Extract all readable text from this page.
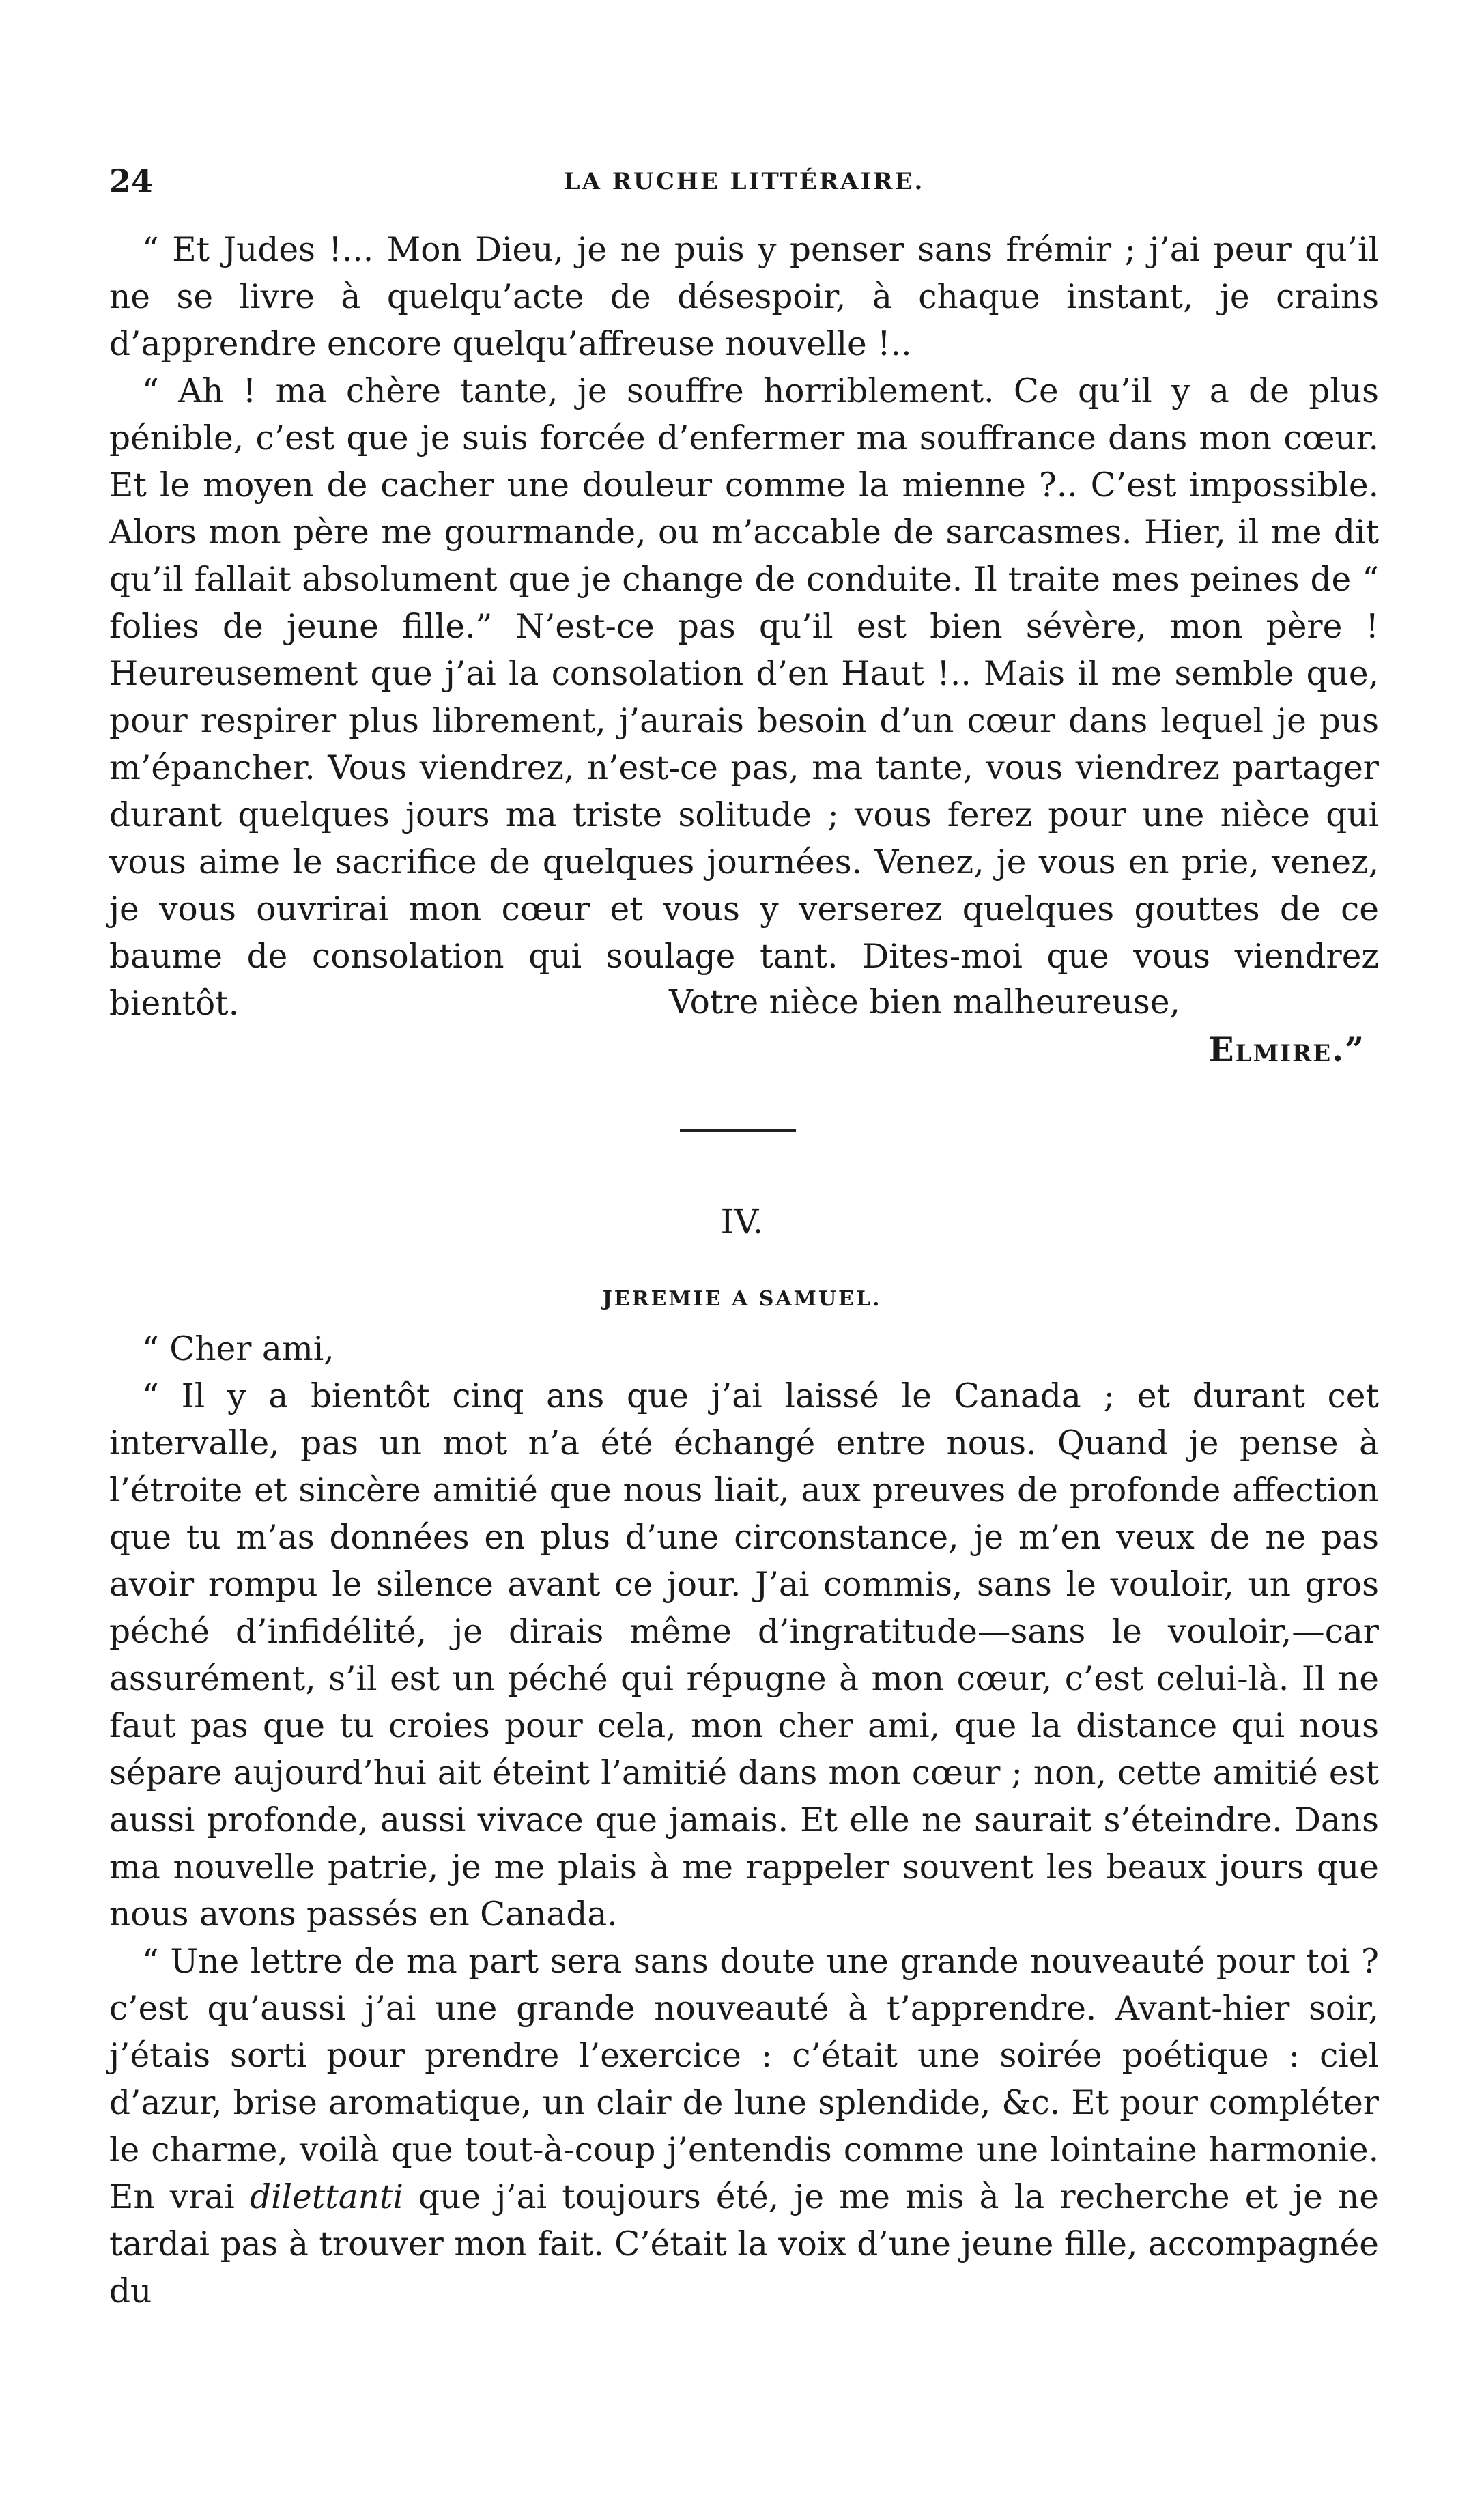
24	LA RUCHE LITTÉRAIRE.

“ Et Judes !... Mon Dieu, je ne puis y penser sans frémir ; j’ai peur qu’il ne se livre à quelqu’acte de désespoir, à chaque instant, je crains d’apprendre encore quelqu’affreuse nouvelle !..

“ Ah ! ma chère tante, je souffre horriblement. Ce qu’il y a de plus pénible, c’est que je suis forcée d’enfermer ma souffrance dans mon cœur. Et le moyen de cacher une douleur comme la mienne ?.. C’est impossible. Alors mon père me gourmande, ou m’accable de sarcasmes. Hier, il me dit qu’il fallait absolument que je change de conduite. Il traite mes peines de “ folies de jeune fille.” N’est-ce pas qu’il est bien sévère, mon père ! Heureusement que j’ai la consolation d’en Haut !.. Mais il me semble que, pour respirer plus librement, j’aurais besoin d’un cœur dans lequel je pus m’épancher. Vous viendrez, n’est-ce pas, ma tante, vous viendrez partager durant quelques jours ma triste solitude ; vous ferez pour une nièce qui vous aime le sacrifice de quelques journées. Venez, je vous en prie, venez, je vous ouvrirai mon cœur et vous y verserez quelques gouttes de ce baume de consolation qui soulage tant. Dites-moi que vous viendrez bientôt.	Votre nièce bien malheureuse,
Elmire.”
IV.
JEREMIE A SAMUEL.

“ Cher ami,

“ Il y a bientôt cinq ans que j’ai laissé le Canada ; et durant cet intervalle, pas un mot n’a été échangé entre nous. Quand je pense à l’étroite et sincère amitié que nous liait, aux preuves de profonde affection que tu m’as données en plus d’une circonstance, je m’en veux de ne pas avoir rompu le silence avant ce jour. J’ai commis, sans le vouloir, un gros péché d’infidélité, je dirais même d’ingratitude—sans le vouloir,—car assurément, s’il est un péché qui répugne à mon cœur, c’est celui-là. Il ne faut pas que tu croies pour cela, mon cher ami, que la distance qui nous sépare aujourd’hui ait éteint l’amitié dans mon cœur ; non, cette amitié est aussi profonde, aussi vivace que jamais. Et elle ne saurait s’éteindre. Dans ma nouvelle patrie, je me plais à me rappeler souvent les beaux jours que nous avons passés en Canada.

“ Une lettre de ma part sera sans doute une grande nouveauté pour toi ? c’est qu’aussi j’ai une grande nouveauté à t’apprendre. Avant-hier soir, j’étais sorti pour prendre l’exercice : c’était une soirée poétique : ciel d’azur, brise aromatique, un clair de lune splendide, &c. Et pour compléter le charme, voilà que tout-à-coup j’entendis comme une lointaine harmonie. En vrai dilettanti que j’ai toujours été, je me mis à la recherche et je ne tardai pas à trouver mon fait. C’était la voix d’une jeune fille, accompagnée du
